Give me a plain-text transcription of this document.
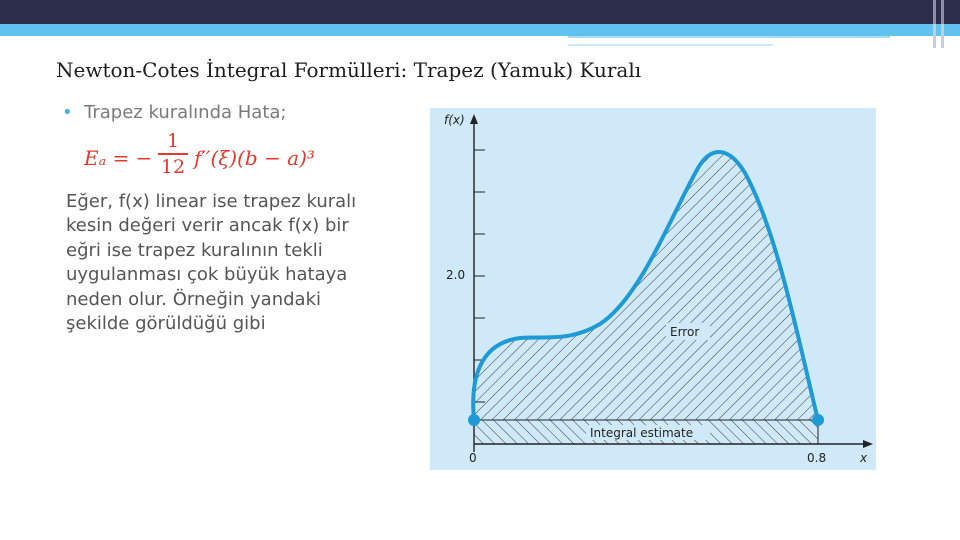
Newton-Cotes İntegral Formülleri: Trapez (Yamuk) Kuralı
• Trapez kuralında Hata;
Eₐ = −
1
12 f′′(ξ)(b − a)³
Eğer, f(x) linear ise trapez kuralı kesin değeri verir ancak f(x) bir eğri ise trapez kuralının tekli uygulanması çok büyük hataya neden olur. Örneğin yandaki şekilde görüldüğü gibi
f(x)
2.0
0	0.8	x
Error
Integral estimate
